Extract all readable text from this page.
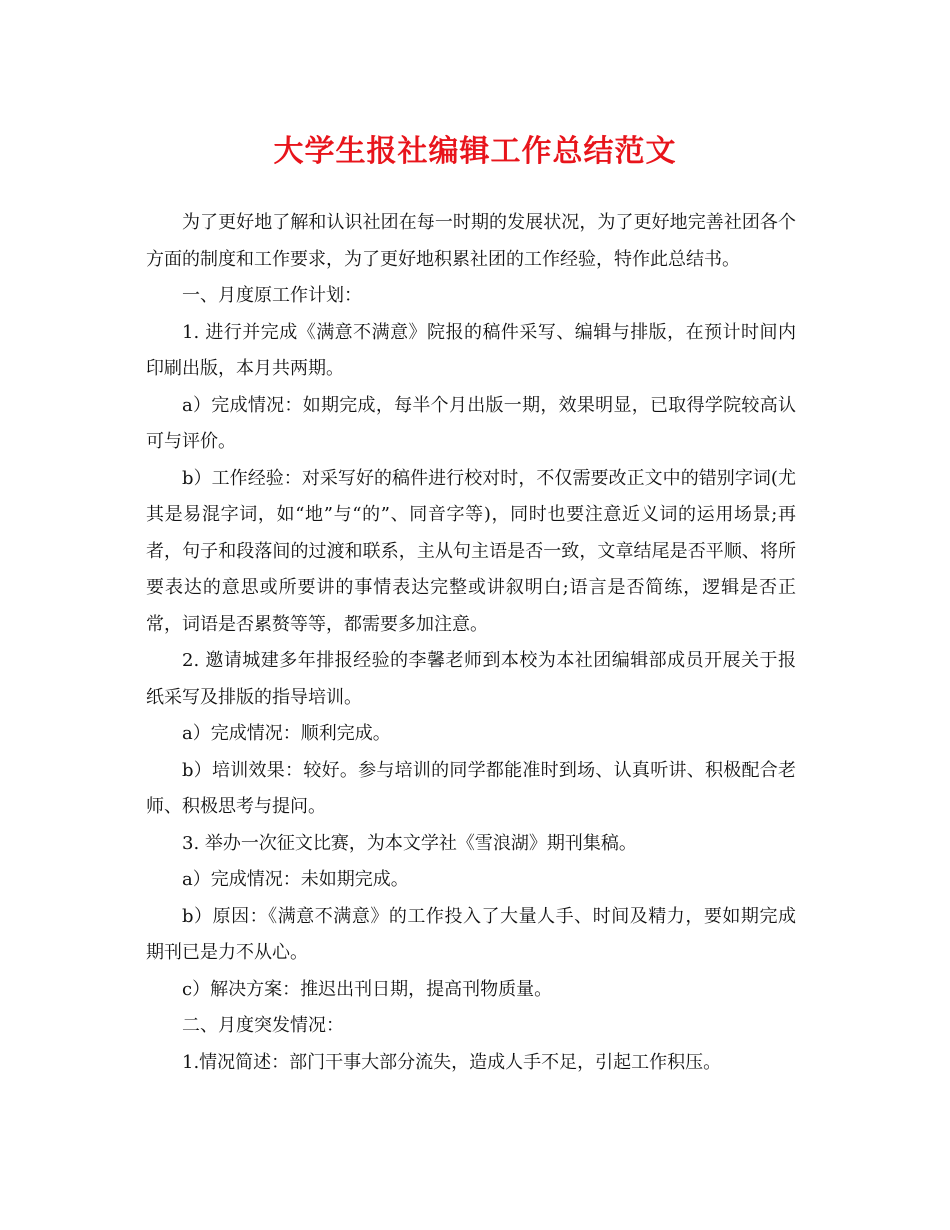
大学生报社编辑工作总结范文

为了更好地了解和认识社团在每一时期的发展状况，为了更好地完善社团各个方面的制度和工作要求，为了更好地积累社团的工作经验，特作此总结书。

一、月度原工作计划：

1. 进行并完成《满意不满意》院报的稿件采写、编辑与排版，在预计时间内印刷出版，本月共两期。

a）完成情况：如期完成，每半个月出版一期，效果明显，已取得学院较高认可与评价。

b）工作经验：对采写好的稿件进行校对时，不仅需要改正文中的错别字词(尤其是易混字词，如“地”与“的”、同音字等)，同时也要注意近义词的运用场景;再者，句子和段落间的过渡和联系，主从句主语是否一致，文章结尾是否平顺、将所要表达的意思或所要讲的事情表达完整或讲叙明白;语言是否简练，逻辑是否正常，词语是否累赘等等，都需要多加注意。

2. 邀请城建多年排报经验的李馨老师到本校为本社团编辑部成员开展关于报纸采写及排版的指导培训。

a）完成情况：顺利完成。

b）培训效果：较好。参与培训的同学都能准时到场、认真听讲、积极配合老师、积极思考与提问。

3. 举办一次征文比赛，为本文学社《雪浪湖》期刊集稿。

a）完成情况：未如期完成。

b）原因：《满意不满意》的工作投入了大量人手、时间及精力，要如期完成期刊已是力不从心。

c）解决方案：推迟出刊日期，提高刊物质量。

二、月度突发情况：

1.情况简述：部门干事大部分流失，造成人手不足，引起工作积压。
